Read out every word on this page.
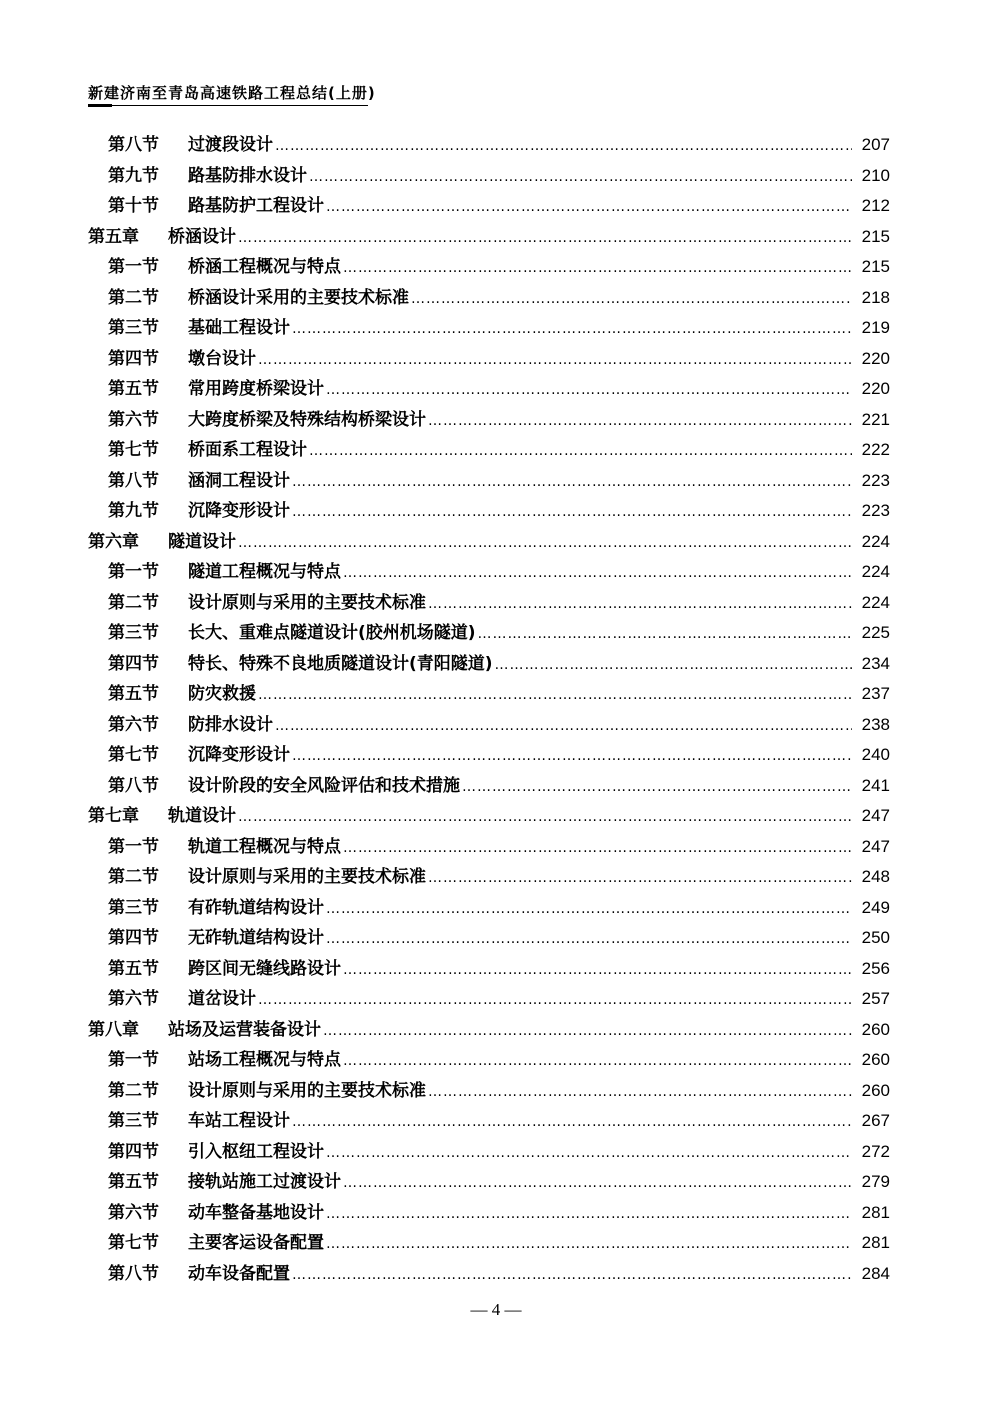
新建济南至青岛高速铁路工程总结(上册)
第八节	过渡段设计 ……………………………………………………………………………………………………………………………………………………………………………………………………	207
第九节	路基防排水设计 ……………………………………………………………………………………………………………………………………………………………………………………………………	210
第十节	路基防护工程设计 ……………………………………………………………………………………………………………………………………………………………………………………………………	212
第五章	桥涵设计 ……………………………………………………………………………………………………………………………………………………………………………………………………	215
第一节	桥涵工程概况与特点 ……………………………………………………………………………………………………………………………………………………………………………………………………	215
第二节	桥涵设计采用的主要技术标准 ……………………………………………………………………………………………………………………………………………………………………………………………………	218
第三节	基础工程设计 ……………………………………………………………………………………………………………………………………………………………………………………………………	219
第四节	墩台设计 ……………………………………………………………………………………………………………………………………………………………………………………………………	220
第五节	常用跨度桥梁设计 ……………………………………………………………………………………………………………………………………………………………………………………………………	220
第六节	大跨度桥梁及特殊结构桥梁设计 ……………………………………………………………………………………………………………………………………………………………………………………………………	221
第七节	桥面系工程设计 ……………………………………………………………………………………………………………………………………………………………………………………………………	222
第八节	涵洞工程设计 ……………………………………………………………………………………………………………………………………………………………………………………………………	223
第九节	沉降变形设计 ……………………………………………………………………………………………………………………………………………………………………………………………………	223
第六章	隧道设计 ……………………………………………………………………………………………………………………………………………………………………………………………………	224
第一节	隧道工程概况与特点 ……………………………………………………………………………………………………………………………………………………………………………………………………	224
第二节	设计原则与采用的主要技术标准 ……………………………………………………………………………………………………………………………………………………………………………………………………	224
第三节	长大、重难点隧道设计(胶州机场隧道) ……………………………………………………………………………………………………………………………………………………………………………………………………	225
第四节	特长、特殊不良地质隧道设计(青阳隧道) ……………………………………………………………………………………………………………………………………………………………………………………………………	234
第五节	防灾救援 ……………………………………………………………………………………………………………………………………………………………………………………………………	237
第六节	防排水设计 ……………………………………………………………………………………………………………………………………………………………………………………………………	238
第七节	沉降变形设计 ……………………………………………………………………………………………………………………………………………………………………………………………………	240
第八节	设计阶段的安全风险评估和技术措施 ……………………………………………………………………………………………………………………………………………………………………………………………………	241
第七章	轨道设计 ……………………………………………………………………………………………………………………………………………………………………………………………………	247
第一节	轨道工程概况与特点 ……………………………………………………………………………………………………………………………………………………………………………………………………	247
第二节	设计原则与采用的主要技术标准 ……………………………………………………………………………………………………………………………………………………………………………………………………	248
第三节	有砟轨道结构设计 ……………………………………………………………………………………………………………………………………………………………………………………………………	249
第四节	无砟轨道结构设计 ……………………………………………………………………………………………………………………………………………………………………………………………………	250
第五节	跨区间无缝线路设计 ……………………………………………………………………………………………………………………………………………………………………………………………………	256
第六节	道岔设计 ……………………………………………………………………………………………………………………………………………………………………………………………………	257
第八章	站场及运营装备设计 ……………………………………………………………………………………………………………………………………………………………………………………………………	260
第一节	站场工程概况与特点 ……………………………………………………………………………………………………………………………………………………………………………………………………	260
第二节	设计原则与采用的主要技术标准 ……………………………………………………………………………………………………………………………………………………………………………………………………	260
第三节	车站工程设计 ……………………………………………………………………………………………………………………………………………………………………………………………………	267
第四节	引入枢纽工程设计 ……………………………………………………………………………………………………………………………………………………………………………………………………	272
第五节	接轨站施工过渡设计 ……………………………………………………………………………………………………………………………………………………………………………………………………	279
第六节	动车整备基地设计 ……………………………………………………………………………………………………………………………………………………………………………………………………	281
第七节	主要客运设备配置 ……………………………………………………………………………………………………………………………………………………………………………………………………	281
第八节	动车设备配置 ……………………………………………………………………………………………………………………………………………………………………………………………………	284
— 4 —
